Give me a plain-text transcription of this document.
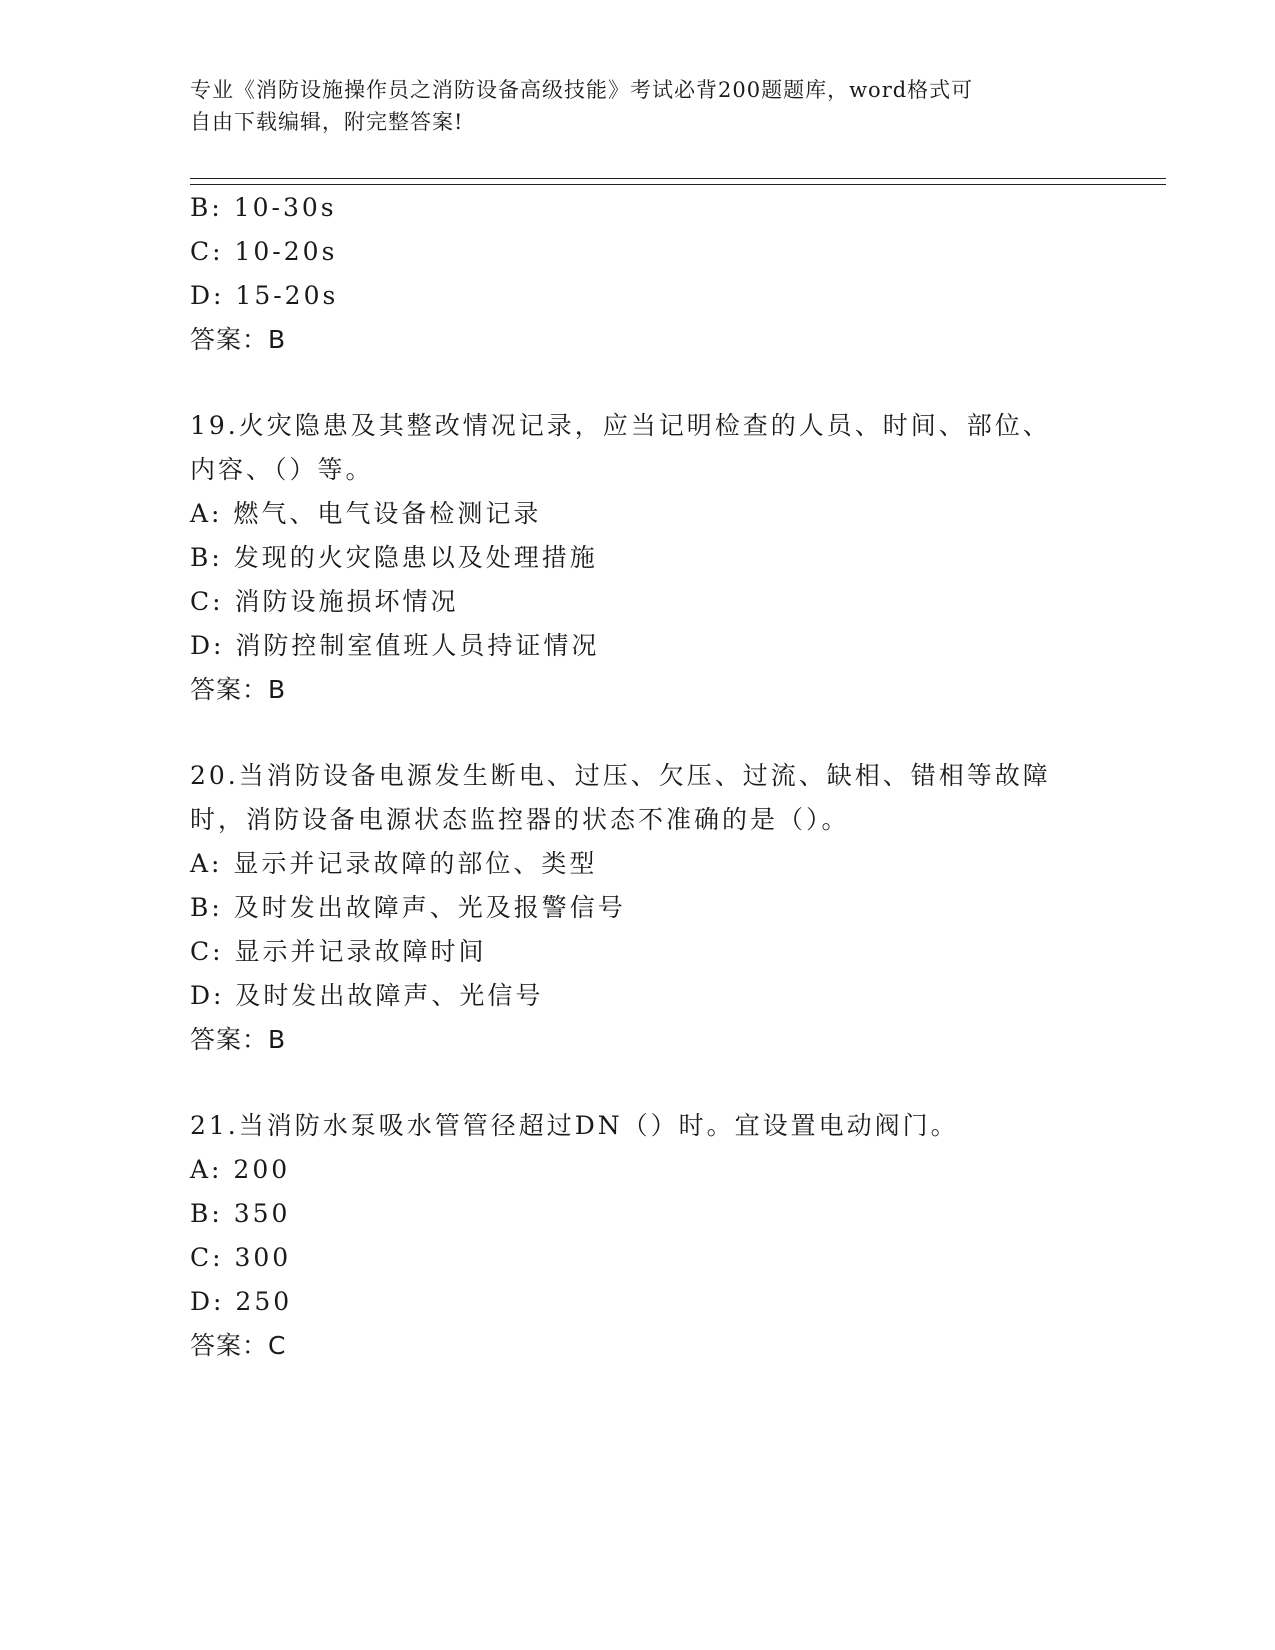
专业《消防设施操作员之消防设备高级技能》考试必背200题题库，word格式可
自由下载编辑，附完整答案!
B: 10-30s
C: 10-20s
D: 15-20s
答案：B
19.火灾隐患及其整改情况记录，应当记明检查的人员、时间、部位、
内容、（）等。
A: 燃气、电气设备检测记录
B: 发现的火灾隐患以及处理措施
C: 消防设施损坏情况
D: 消防控制室值班人员持证情况
答案：B
20.当消防设备电源发生断电、过压、欠压、过流、缺相、错相等故障
时，消防设备电源状态监控器的状态不准确的是（）。
A: 显示并记录故障的部位、类型
B: 及时发出故障声、光及报警信号
C: 显示并记录故障时间
D: 及时发出故障声、光信号
答案：B
21.当消防水泵吸水管管径超过DN（）时。宜设置电动阀门。
A: 200
B: 350
C: 300
D: 250
答案：C
